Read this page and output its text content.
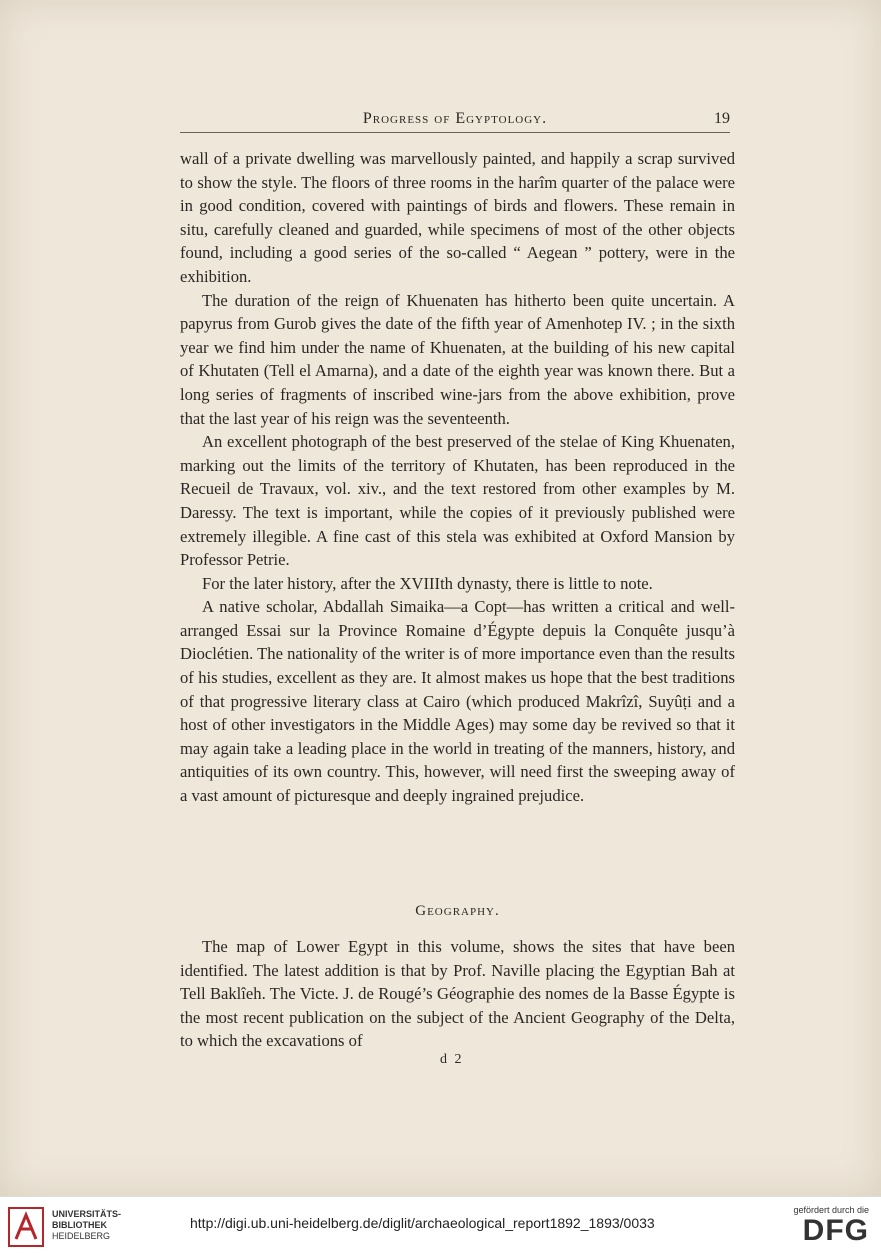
Progress of Egyptology.	19

wall of a private dwelling was marvellously painted, and happily a scrap survived to show the style. The floors of three rooms in the harîm quarter of the palace were in good condition, covered with paintings of birds and flowers. These remain in situ, carefully cleaned and guarded, while specimens of most of the other objects found, including a good series of the so-called “ Aegean ” pottery, were in the exhibition.

The duration of the reign of Khuenaten has hitherto been quite uncertain. A papyrus from Gurob gives the date of the fifth year of Amenhotep IV. ; in the sixth year we find him under the name of Khuenaten, at the building of his new capital of Khutaten (Tell el Amarna), and a date of the eighth year was known there. But a long series of fragments of inscribed wine-jars from the above exhibition, prove that the last year of his reign was the seventeenth.

An excellent photograph of the best preserved of the stelae of King Khuenaten, marking out the limits of the territory of Khutaten, has been reproduced in the Recueil de Travaux, vol. xiv., and the text restored from other examples by M. Daressy. The text is important, while the copies of it previously published were extremely illegible. A fine cast of this stela was exhibited at Oxford Mansion by Professor Petrie.

For the later history, after the XVIIIth dynasty, there is little to note.

A native scholar, Abdallah Simaika—a Copt—has written a critical and well-arranged Essai sur la Province Romaine d’Égypte depuis la Conquête jusqu’à Dioclétien. The nationality of the writer is of more importance even than the results of his studies, excellent as they are. It almost makes us hope that the best traditions of that progressive literary class at Cairo (which produced Makrîzî, Suyûṭi and a host of other investigators in the Middle Ages) may some day be revived so that it may again take a leading place in the world in treating of the manners, history, and antiquities of its own country. This, however, will need first the sweeping away of a vast amount of picturesque and deeply ingrained prejudice.

Geography.

The map of Lower Egypt in this volume, shows the sites that have been identified. The latest addition is that by Prof. Naville placing the Egyptian Bah at Tell Baklîeh. The Victe. J. de Rougé’s Géographie des nomes de la Basse Égypte is the most recent publication on the subject of the Ancient Geography of the Delta, to which the excavations of

d 2
UNIVERSITÄTS-
BIBLIOTHEK
HEIDELBERG
http://digi.ub.uni-heidelberg.de/diglit/archaeological_report1892_1893/0033
gefördert durch die
DFG
